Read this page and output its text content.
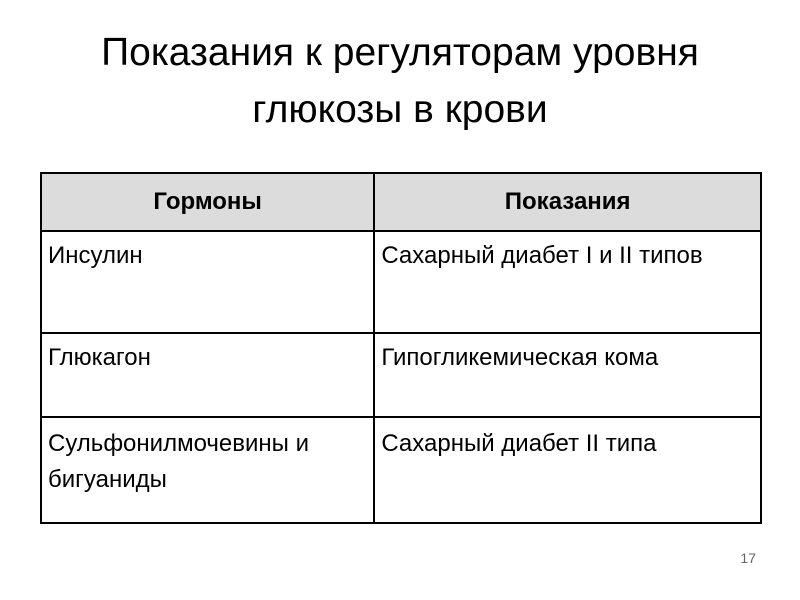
Показания к регуляторам уровня
глюкозы в крови
Гормоны	Показания
Инсулин	Сахарный диабет I и II типов
Глюкагон	Гипогликемическая кома
Сульфонилмочевины и бигуаниды	Сахарный диабет II типа
17
